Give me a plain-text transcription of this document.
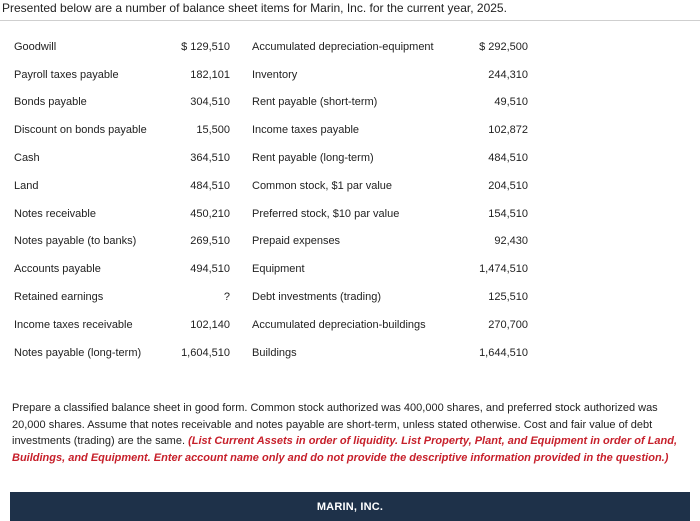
Presented below are a number of balance sheet items for Marin, Inc. for the current year, 2025.
Goodwill	$ 129,510		Accumulated depreciation-equipment	$ 292,500
Payroll taxes payable	182,101		Inventory	244,310
Bonds payable	304,510		Rent payable (short-term)	49,510
Discount on bonds payable	15,500		Income taxes payable	102,872
Cash	364,510		Rent payable (long-term)	484,510
Land	484,510		Common stock, $1 par value	204,510
Notes receivable	450,210		Preferred stock, $10 par value	154,510
Notes payable (to banks)	269,510		Prepaid expenses	92,430
Accounts payable	494,510		Equipment	1,474,510
Retained earnings	?		Debt investments (trading)	125,510
Income taxes receivable	102,140		Accumulated depreciation-buildings	270,700
Notes payable (long-term)	1,604,510		Buildings	1,644,510
Prepare a classified balance sheet in good form. Common stock authorized was 400,000 shares, and preferred stock authorized was 20,000 shares. Assume that notes receivable and notes payable are short-term, unless stated otherwise. Cost and fair value of debt investments (trading) are the same. (List Current Assets in order of liquidity. List Property, Plant, and Equipment in order of Land, Buildings, and Equipment. Enter account name only and do not provide the descriptive information provided in the question.)
MARIN, INC.
